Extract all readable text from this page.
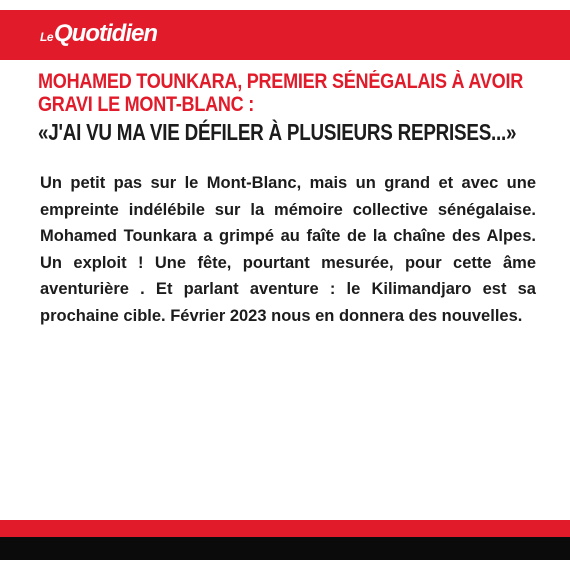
Le Quotidien
MOHAMED TOUNKARA, PREMIER SÉNÉGALAIS À AVOIR GRAVI LE MONT-BLANC :
«J'AI VU MA VIE DÉFILER À PLUSIEURS REPRISES...»
Un petit pas sur le Mont-Blanc, mais un grand et avec une empreinte indélébile sur la mémoire collective sénégalaise. Mohamed Tounkara a grimpé au faîte de la chaîne des Alpes. Un exploit ! Une fête, pourtant mesurée, pour cette âme aventurière . Et parlant aventure : le Kilimandjaro est sa prochaine cible. Février 2023 nous en donnera des nouvelles.
